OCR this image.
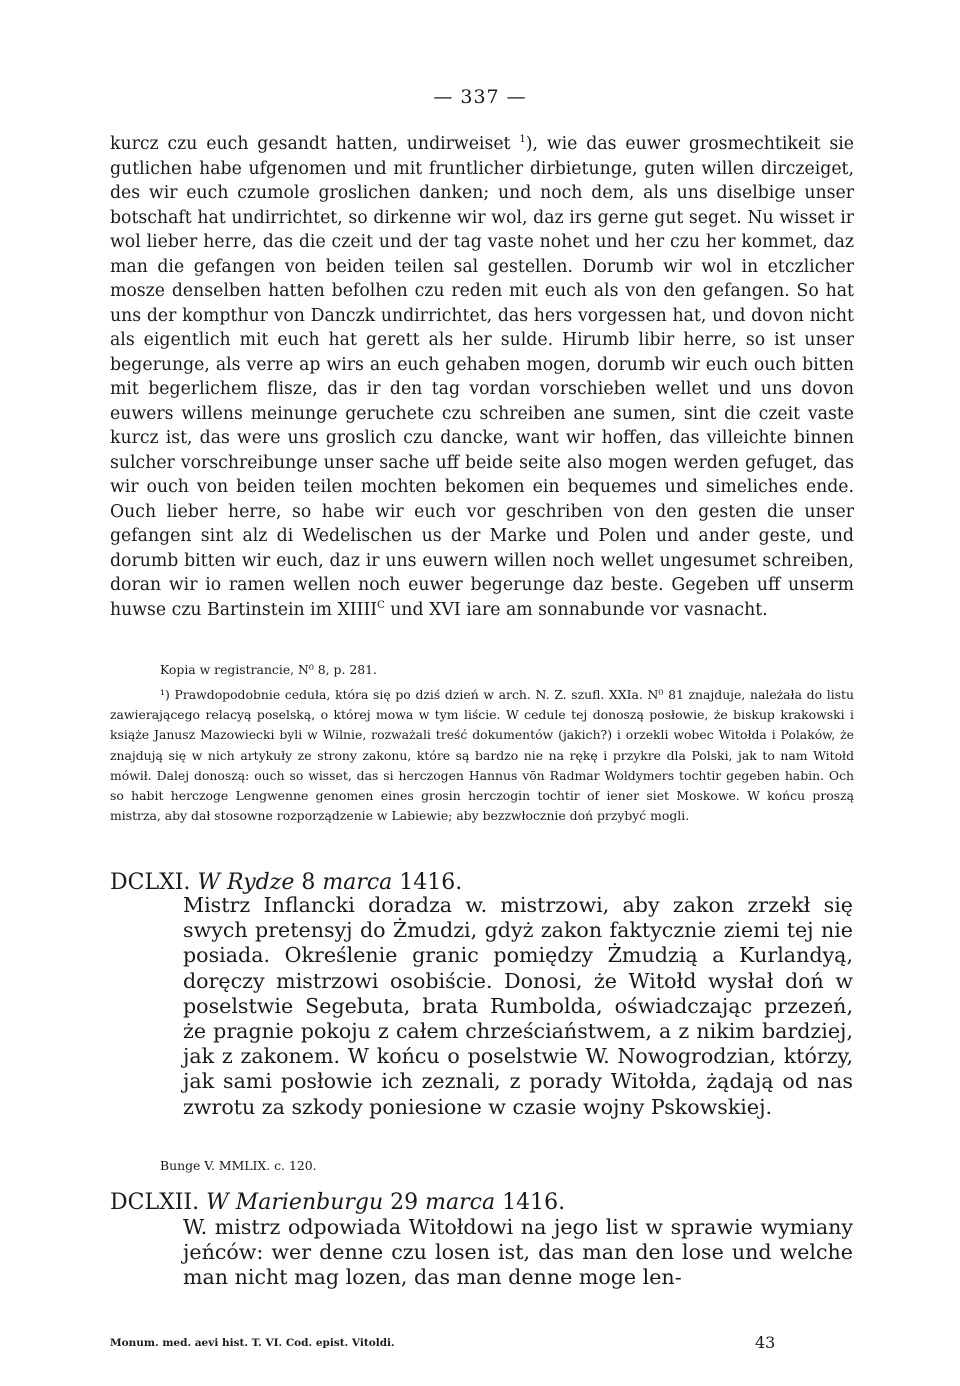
— 337 —

kurcz czu euch gesandt hatten, undirweiset $^1$), wie das euwer grosmechtikeit sie gutlichen habe ufgenomen und mit fruntlicher dirbietunge, guten willen dirczeiget, des wir euch czumole groslichen danken; und noch dem, als uns diselbige unser botschaft hat undirrichtet, so dirkenne wir wol, daz irs gerne gut seget. Nu wisset ir wol lieber herre, das die czeit und der tag vaste nohet und her czu her kommet, daz man die gefangen von beiden teilen sal gestellen. Dorumb wir wol in etczlicher mosze denselben hatten befolhen czu reden mit euch als von den gefangen. So hat uns der kompthur von Danczk undirrichtet, das hers vorgessen hat, und dovon nicht als eigentlich mit euch hat gerett als her sulde. Hirumb libir herre, so ist unser begerunge, als verre ap wirs an euch gehaben mogen, dorumb wir euch ouch bitten mit begerlichem flisze, das ir den tag vordan vorschieben wellet und uns dovon euwers willens meinunge geruchete czu schreiben ane sumen, sint die czeit vaste kurcz ist, das were uns groslich czu dancke, want wir hoffen, das villeichte binnen sulcher vorschreibunge unser sache uff beide seite also mogen werden gefuget, das wir ouch von beiden teilen mochten bekomen ein bequemes und simeliches ende. Ouch lieber herre, so habe wir euch vor geschriben von den gesten die unser gefangen sint alz di Wedelischen us der Marke und Polen und ander geste, und dorumb bitten wir euch, daz ir uns euwern willen noch wellet ungesumet schreiben, doran wir io ramen wellen noch euwer begerunge daz beste. Gegeben uff unserm huwse czu Bartinstein im $XIIII^C$ und XVI iare am sonnabunde vor vasnacht.

Kopia w registrancie, N⁰ 8, p. 281.

¹) Prawdopodobnie ceduła, która się po dziś dzień w arch. N. Z. szufl. XXIa. N⁰ 81 znajduje, należała do listu zawierającego relacyą poselską, o której mowa w tym liście. W cedule tej donoszą posłowie, że biskup krakowski i książe Janusz Mazowiecki byli w Wilnie, rozważali treść dokumentów (jakich?) i orzekli wobec Witołda i Polaków, że znajdują się w nich artykuły ze strony zakonu, które są bardzo nie na rękę i przykre dla Polski, jak to nam Witołd mówił. Dalej donoszą: ouch so wisset, das si herczogen Hannus vōn Radmar Woldymers tochtir gegeben habin. Och so habit herczoge Lengwenne genomen eines grosin herczogin tochtir of iener siet Moskowe. W końcu proszą mistrza, aby dał stosowne rozporządzenie w Labiewie; aby bezzwłocznie doń przybyć mogli.

DCLXI. W Rydze 8 marca 1416.

Mistrz Inflancki doradza w. mistrzowi, aby zakon zrzekł się swych pretensyj do Żmudzi, gdyż zakon faktycznie ziemi tej nie posiada. Określenie granic pomiędzy Żmudzią a Kurlandyą, doręczy mistrzowi osobiście. Donosi, że Witołd wysłał doń w poselstwie Segebuta, brata Rumbolda, oświadczając przezeń, że pragnie pokoju z całem chrześciaństwem, a z nikim bardziej, jak z zakonem. W końcu o poselstwie W. Nowogrodzian, którzy, jak sami posłowie ich zeznali, z porady Witołda, żądają od nas zwrotu za szkody poniesione w czasie wojny Pskowskiej.

Bunge V. MMLIX. c. 120.
DCLXII. W Marienburgu 29 marca 1416.

W. mistrz odpowiada Witołdowi na jego list w sprawie wymiany jeńców: wer denne czu losen ist, das man den lose und welche man nicht mag lozen, das man denne moge len-

Monum. med. aevi hist. T. VI. Cod. epist. Vitoldi.	43
